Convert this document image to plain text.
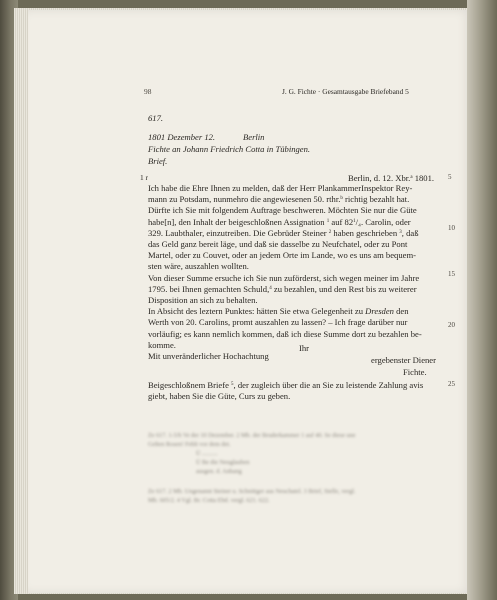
98	J. G. Fichte · Gesamtausgabe Briefeband 5
617.
1801 Dezember 12.	Berlin
Fichte an Johann Friedrich Cotta in Tübingen.
Brief.
1 r	Berlin, d. 12. Xbr.$^a$ 1801.
Ich habe die Ehre Ihnen zu melden, daß der Herr PlankammerInspektor Rey-
mann zu Potsdam, nunmehro die angewiesenen 50. rthr.$^b$ richtig bezahlt hat.
Dürfte ich Sie mit folgendem Auftrage beschweren. Möchten Sie nur die Güte
habe[n], den Inhalt der beigeschloßnen Assignation $^1$ auf $82^1/_4$. Carolin, oder
329. Laubthaler, einzutreiben. Die Gebrüder Steiner $^2$ haben geschrieben $^3$, daß
das Geld ganz bereit läge, und daß sie dasselbe zu Neufchatel, oder zu Pont
Martel, oder zu Couvet, oder an jedem Orte im Lande, wo es uns am bequem-
sten wäre, auszahlen wollten.
Von dieser Summe ersuche ich Sie nun zuförderst, sich wegen meiner im Jahre
1795. bei Ihnen gemachten Schuld,$^4$ zu bezahlen, und den Rest bis zu weiterer
Disposition an sich zu behalten.
In Absicht des leztern Punktes: hätten Sie etwa Gelegenheit zu Dresden den
Werth von 20. Carolins, promt auszahlen zu lassen? – Ich frage darüber nur
vorläufig; es kann nemlich kommen, daß ich diese Summe dort zu bezahlen be-
komme.
Mit unveränderlicher Hochachtung
Ihr
ergebenster Diener
Fichte.
Beigeschloßnem Briefe $^5$, der zugleich über die an Sie zu leistende Zahlung avis
giebt, haben Sie die Güte, Curs zu geben.
5
10
15
20
25
Ze 617. 1-5/b Ve der 10 Dezember. 2 Mb. der Bruderkammer 1 auf 40. Se diese une
Gelten Rosen! Fehlt vor dem det.
Ü ..........
Ü Be die Neuglauben
ausgen. d. Anhang
Ze 617. 2 Mb. Ungenannt Steiner u. Schnittger aus Neuchatel. 3 Brief, Stelle, vergl.
Mb. 605/2. 4 Vgl. Br. Cotta Ebd. vergl. 621. 622.
